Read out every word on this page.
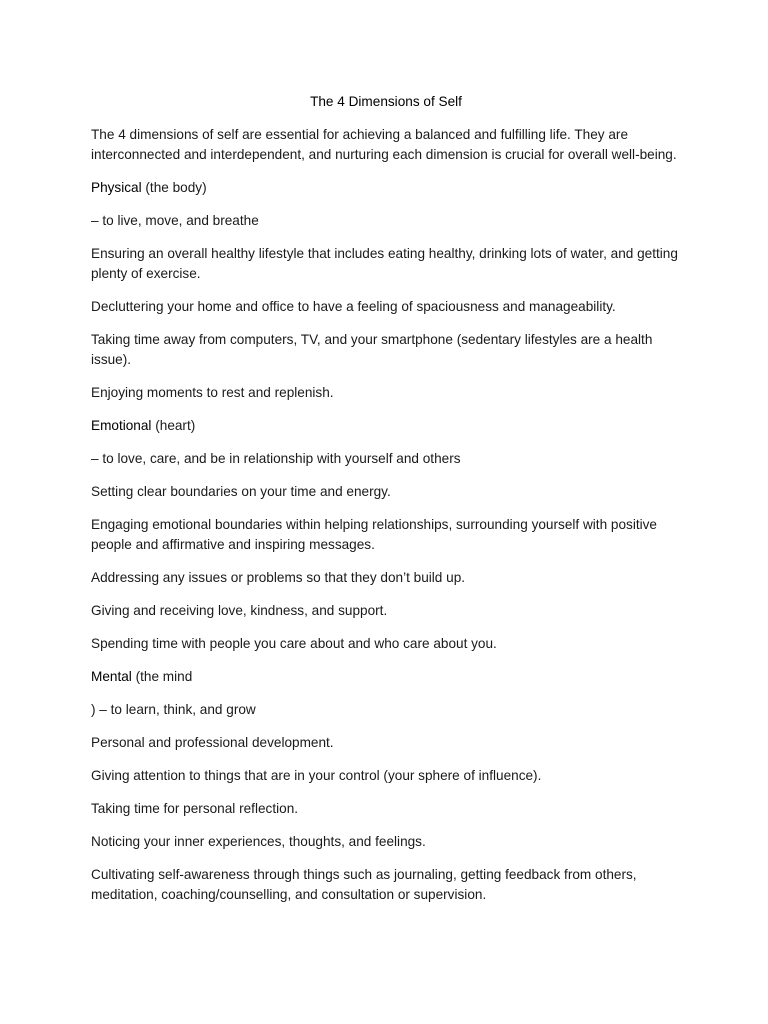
The 4 Dimensions of Self

The 4 dimensions of self are essential for achieving a balanced and fulfilling life. They are interconnected and interdependent, and nurturing each dimension is crucial for overall well-being.

Physical (the body)

– to live, move, and breathe

Ensuring an overall healthy lifestyle that includes eating healthy, drinking lots of water, and getting plenty of exercise.

Decluttering your home and office to have a feeling of spaciousness and manageability.

Taking time away from computers, TV, and your smartphone (sedentary lifestyles are a health issue).

Enjoying moments to rest and replenish.

Emotional (heart)

– to love, care, and be in relationship with yourself and others

Setting clear boundaries on your time and energy.

Engaging emotional boundaries within helping relationships, surrounding yourself with positive people and affirmative and inspiring messages.

Addressing any issues or problems so that they don’t build up.

Giving and receiving love, kindness, and support.

Spending time with people you care about and who care about you.

Mental (the mind

) – to learn, think, and grow

Personal and professional development.

Giving attention to things that are in your control (your sphere of influence).

Taking time for personal reflection.

Noticing your inner experiences, thoughts, and feelings.

Cultivating self-awareness through things such as journaling, getting feedback from others, meditation, coaching/counselling, and consultation or supervision.
